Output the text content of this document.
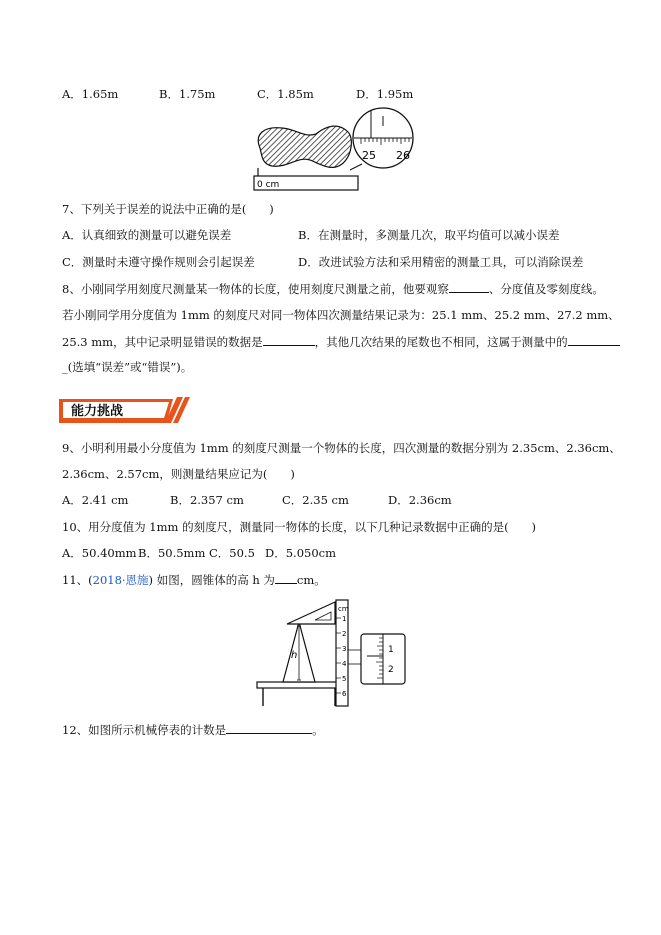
A．1.65m	B．1.75m	C．1.85m	D．1.95m
0 cm
25 26
7、下列关于误差的说法中正确的是(　　)
A．认真细致的测量可以避免误差	B．在测量时，多测量几次，取平均值可以减小误差
C．测量时未遵守操作规则会引起误差	D．改进试验方法和采用精密的测量工具，可以消除误差
8、小刚同学用刻度尺测量某一物体的长度，使用刻度尺测量之前，他要观察	、分度值及零刻度线。
若小刚同学用分度值为 1mm 的刻度尺对同一物体四次测量结果记录为：25.1 mm、25.2 mm、27.2 mm、
25.3 mm，其中记录明显错误的数据是	，其他几次结果的尾数也不相同，这属于测量中的
_(选填“误差”或“错误”)。
能力挑战
9、小明利用最小分度值为 1mm 的刻度尺测量一个物体的长度，四次测量的数据分别为 2.35cm、2.36cm、
2.36cm、2.57cm，则测量结果应记为(　　)
A．2.41 cm	B．2.357 cm	C．2.35 cm	D．2.36cm
10、用分度值为 1mm 的刻度尺，测量同一物体的长度，以下几种记录数据中正确的是(　　)
A．50.40mm B．50.5mm C．50.5 D．5.050cm
11、(2018·恩施) 如图，圆锥体的高 h 为 cm。
h
cm
1
2
3
4
5
6
1
2
12、如图所示机械停表的计数是	。
